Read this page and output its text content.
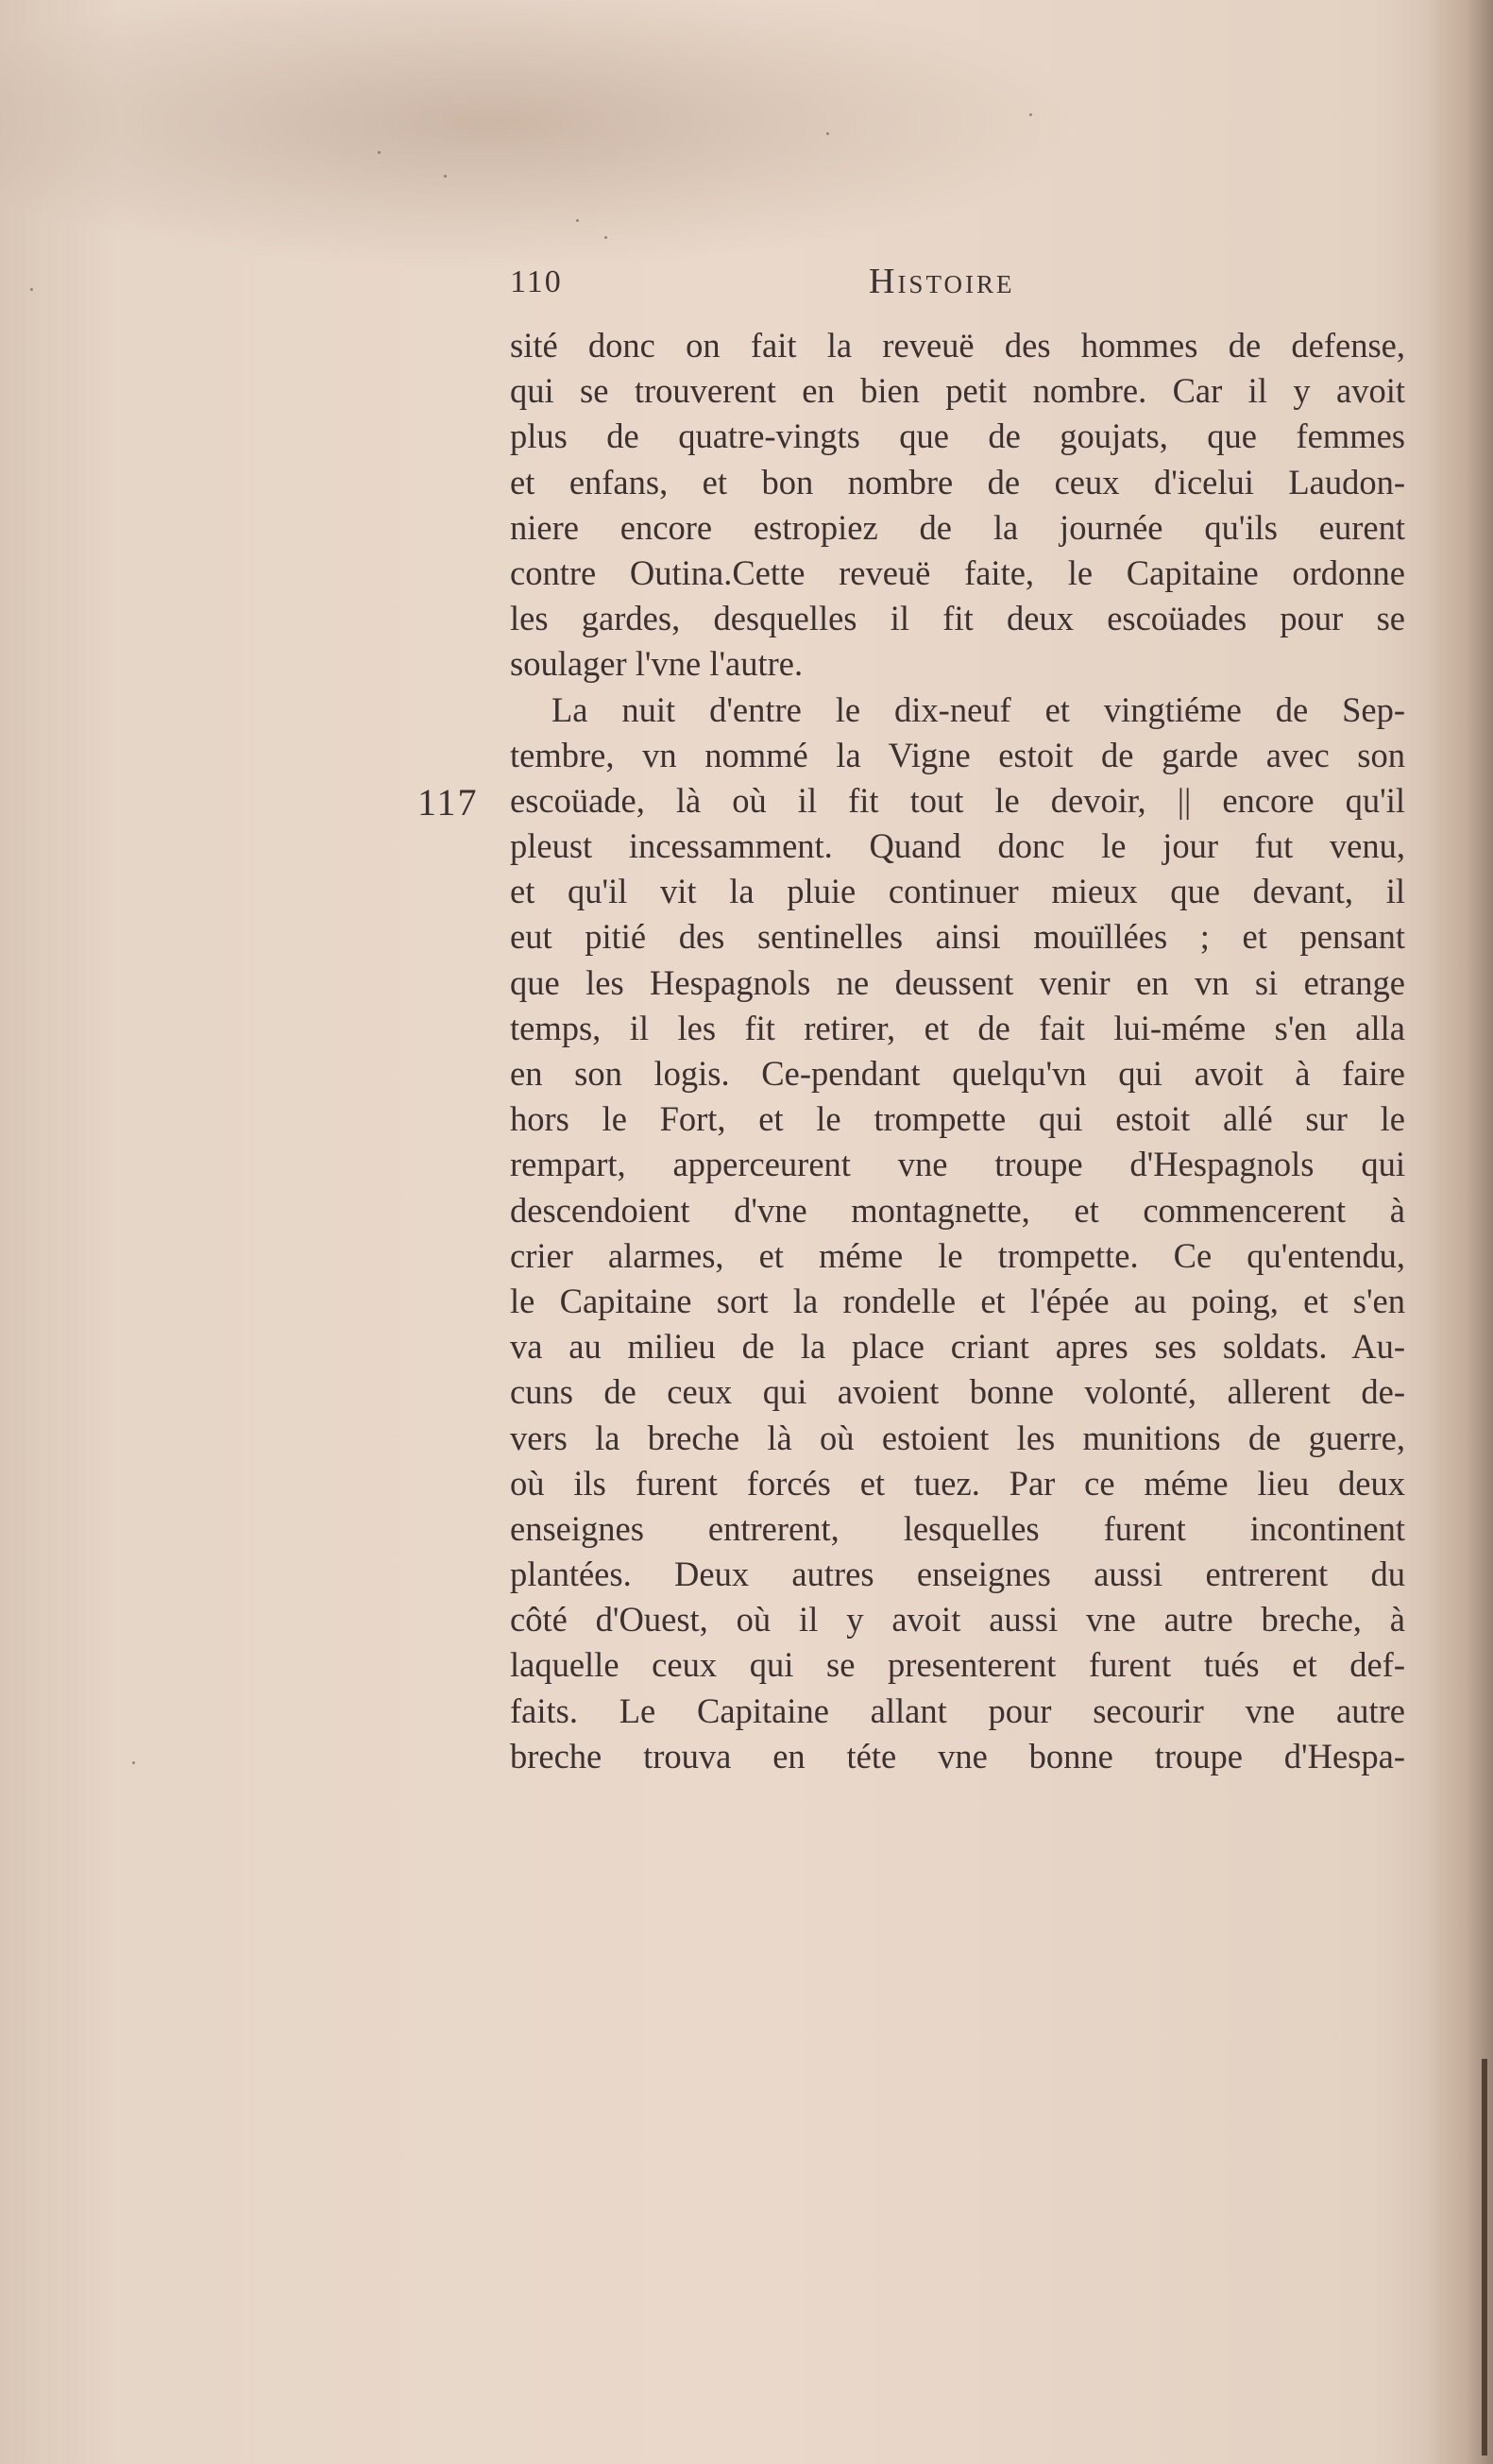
110	Histoire
117
sité donc on fait la reveuë des hommes de defense,
qui se trouverent en bien petit nombre. Car il y avoit
plus de quatre-vingts que de goujats, que femmes
et enfans, et bon nombre de ceux d'icelui Laudon-
niere encore estropiez de la journée qu'ils eurent
contre Outina.Cette reveuë faite, le Capitaine ordonne
les gardes, desquelles il fit deux escoüades pour se
soulager l'vne l'autre.
La nuit d'entre le dix-neuf et vingtiéme de Sep-
tembre, vn nommé la Vigne estoit de garde avec son
escoüade, là où il fit tout le devoir, || encore qu'il
pleust incessamment. Quand donc le jour fut venu,
et qu'il vit la pluie continuer mieux que devant, il
eut pitié des sentinelles ainsi mouïllées ; et pensant
que les Hespagnols ne deussent venir en vn si etrange
temps, il les fit retirer, et de fait lui-méme s'en alla
en son logis. Ce-pendant quelqu'vn qui avoit à faire
hors le Fort, et le trompette qui estoit allé sur le
rempart, apperceurent vne troupe d'Hespagnols qui
descendoient d'vne montagnette, et commencerent à
crier alarmes, et méme le trompette. Ce qu'entendu,
le Capitaine sort la rondelle et l'épée au poing, et s'en
va au milieu de la place criant apres ses soldats. Au-
cuns de ceux qui avoient bonne volonté, allerent de-
vers la breche là où estoient les munitions de guerre,
où ils furent forcés et tuez. Par ce méme lieu deux
enseignes entrerent, lesquelles furent incontinent
plantées. Deux autres enseignes aussi entrerent du
côté d'Ouest, où il y avoit aussi vne autre breche, à
laquelle ceux qui se presenterent furent tués et def-
faits. Le Capitaine allant pour secourir vne autre
breche trouva en téte vne bonne troupe d'Hespa-
